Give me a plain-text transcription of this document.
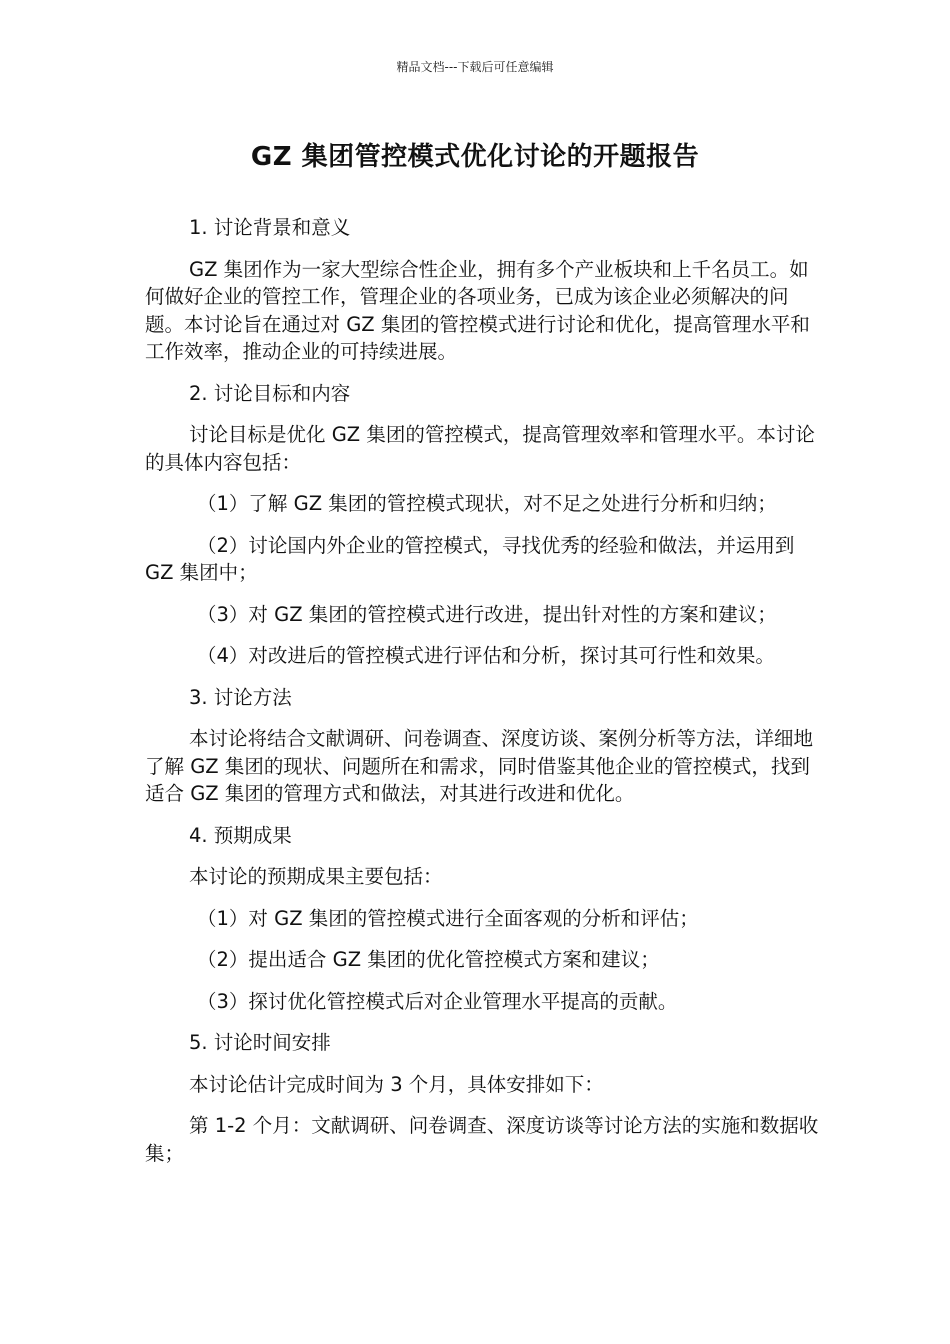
精品文档---下载后可任意编辑
GZ 集团管控模式优化讨论的开题报告

1. 讨论背景和意义

GZ 集团作为一家大型综合性企业，拥有多个产业板块和上千名员工。如何做好企业的管控工作，管理企业的各项业务，已成为该企业必须解决的问题。本讨论旨在通过对 GZ 集团的管控模式进行讨论和优化，提高管理水平和工作效率，推动企业的可持续进展。

2. 讨论目标和内容

讨论目标是优化 GZ 集团的管控模式，提高管理效率和管理水平。本讨论的具体内容包括：

（1）了解 GZ 集团的管控模式现状，对不足之处进行分析和归纳；

（2）讨论国内外企业的管控模式，寻找优秀的经验和做法，并运用到 GZ 集团中；

（3）对 GZ 集团的管控模式进行改进，提出针对性的方案和建议；

（4）对改进后的管控模式进行评估和分析，探讨其可行性和效果。

3. 讨论方法

本讨论将结合文献调研、问卷调查、深度访谈、案例分析等方法，详细地了解 GZ 集团的现状、问题所在和需求，同时借鉴其他企业的管控模式，找到适合 GZ 集团的管理方式和做法，对其进行改进和优化。

4. 预期成果

本讨论的预期成果主要包括：

（1）对 GZ 集团的管控模式进行全面客观的分析和评估；

（2）提出适合 GZ 集团的优化管控模式方案和建议；

（3）探讨优化管控模式后对企业管理水平提高的贡献。

5. 讨论时间安排

本讨论估计完成时间为 3 个月，具体安排如下：

第 1-2 个月：文献调研、问卷调查、深度访谈等讨论方法的实施和数据收集；
